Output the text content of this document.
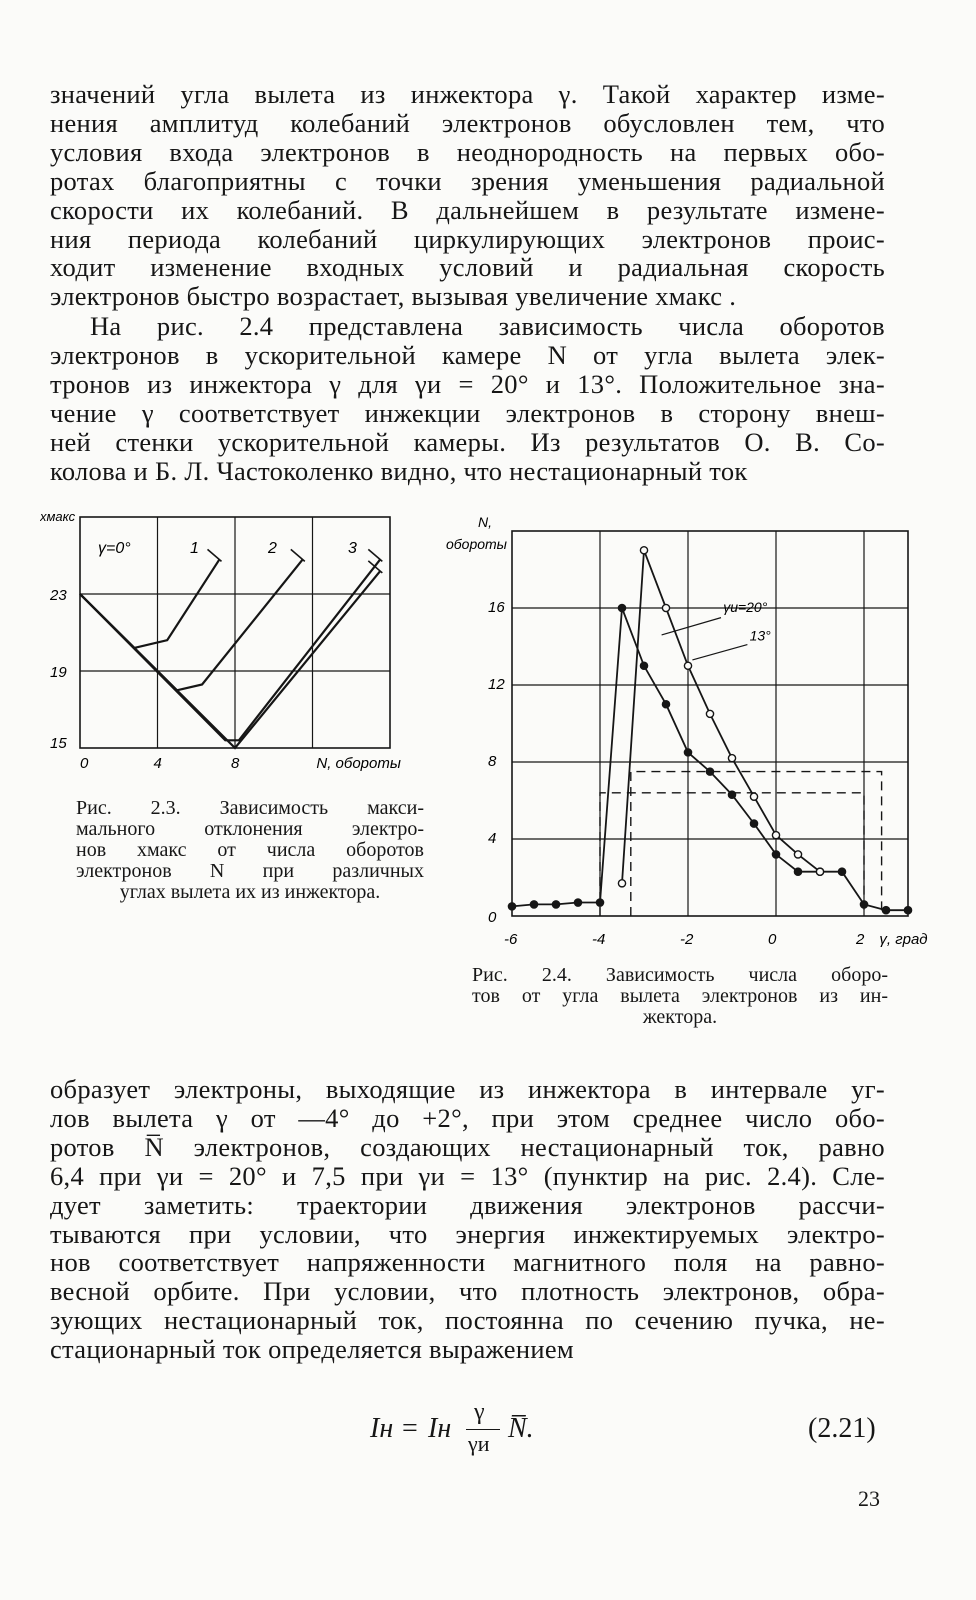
значений угла вылета из инжектора γ. Такой характер изме-
нения амплитуд колебаний электронов обусловлен тем, что
условия входа электронов в неоднородность на первых обо-
ротах благоприятны с точки зрения уменьшения радиальной
скорости их колебаний. В дальнейшем в результате измене-
ния периода колебаний циркулирующих электронов проис-
ходит изменение входных условий и радиальная скорость
электронов быстро возрастает, вызывая увеличение xмакс .
На рис. 2.4 представлена зависимость числа оборотов
электронов в ускорительной камере N от угла вылета элек-
тронов из инжектора γ для γи = 20° и 13°. Положительное зна-
чение γ соответствует инжекции электронов в сторону внеш-
ней стенки ускорительной камеры. Из результатов О. В. Со-
колова и Б. Л. Частоколенко видно, что нестационарный ток
0	4	8
15
19
23
xмакс
N, обороты
γ=0°	1	2	3
Рис. 2.3. Зависимость макси-
мального отклонения электро-
нов xмакс от числа оборотов
электронов N при различных
углах вылета их из инжектора.
-6	-4	-2	0	2
0
4
8
12
16
N,
обороты
γ, град
γи=20°
13°
Рис. 2.4. Зависимость числа оборо-
тов от угла вылета электронов из ин-
жектора.
образует электроны, выходящие из инжектора в интервале уг-
лов вылета γ от —4° до +2°, при этом среднее число обо-
ротов N̅ электронов, создающих нестационарный ток, равно
6,4 при γи = 20° и 7,5 при γи = 13° (пунктир на рис. 2.4). Сле-
дует заметить: траектории движения электронов рассчи-
тываются при условии, что энергия инжектируемых электро-
нов соответствует напряженности магнитного поля на равно-
весной орбите. При условии, что плотность электронов, обра-
зующих нестационарный ток, постоянна по сечению пучка, не-
стационарный ток определяется выражением
Iн = Iн
γ
γи N̅.	(2.21)
23
